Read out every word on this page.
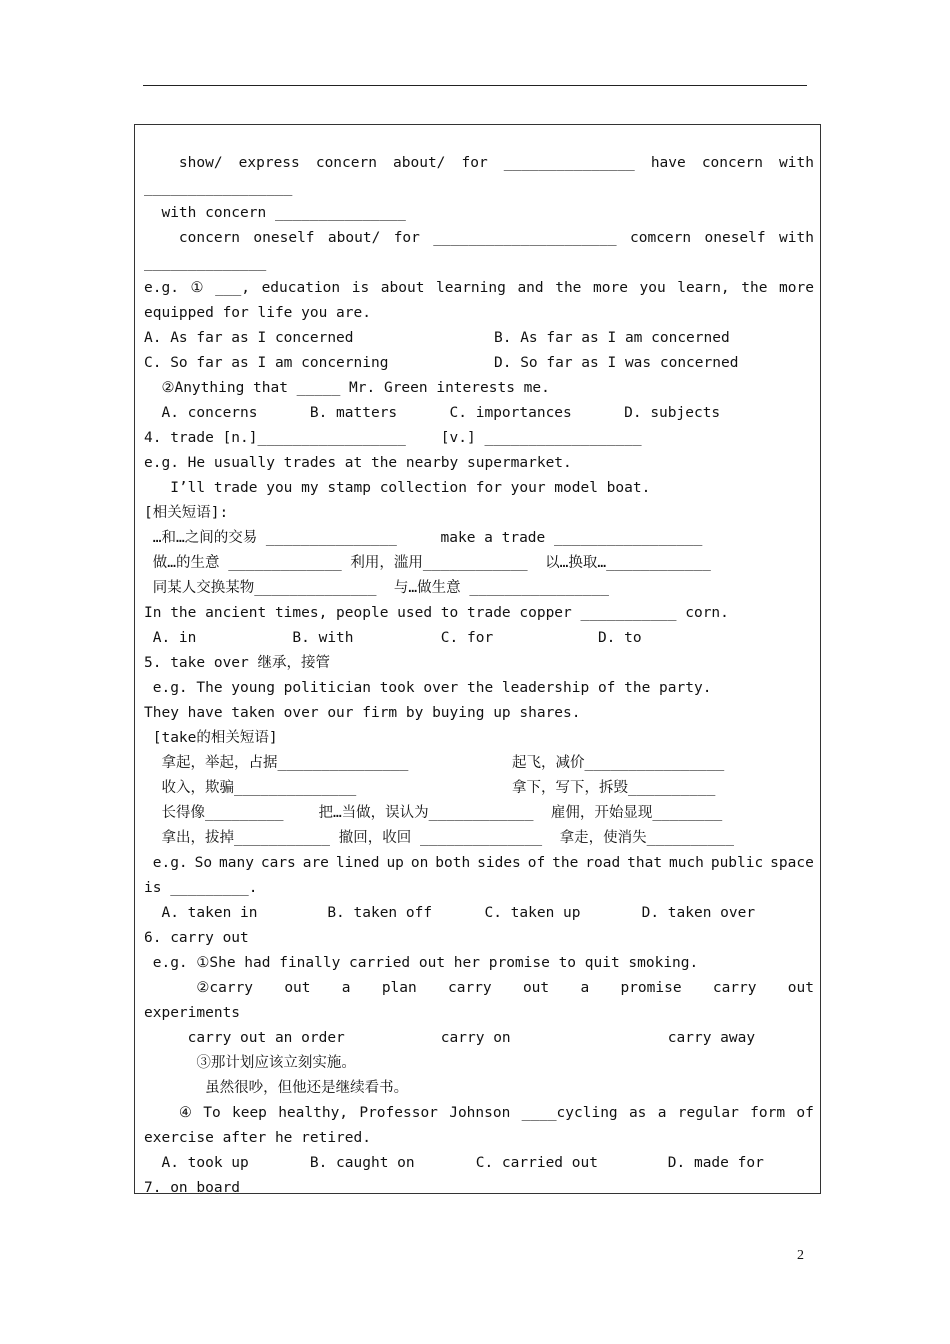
show/ express concern about/ for _______________ have concern with
_________________
with concern _______________
concern oneself about/ for _____________________ comcern oneself with
______________
e.g. ① ___, education is about learning and the more you learn, the more
equipped for life you are.
A. As far as I concerned	B. As far as I am concerned
C. So far as I am concerning	D. So far as I was concerned
②Anything that _____ Mr. Green interests me.
A. concerns      B. matters      C. importances      D. subjects
4. trade [n.]_________________    [v.] __________________
e.g. He usually trades at the nearby supermarket.
I’ll trade you my stamp collection for your model boat.
[相关短语]:
…和…之间的交易 _______________     make a trade _________________
做…的生意 _____________ 利用，滥用____________  以…换取…____________
同某人交换某物______________  与…做生意 ________________
In the ancient times, people used to trade copper ___________ corn.
A. in           B. with          C. for            D. to
5. take over 继承，接管
e.g. The young politician took over the leadership of the party.
They have taken over our firm by buying up shares.
[take的相关短语]
拿起，举起，占据_______________	起飞，减价________________
收入，欺骗______________	拿下，写下，拆毁__________
长得像_________    把…当做，误认为____________  雇佣，开始显现________
拿出，拔掉___________ 撤回，收回 ______________  拿走，使消失__________
e.g. So many cars are lined up on both sides of the road that much public space
is _________.
A. taken in        B. taken off      C. taken up       D. taken over
6. carry out
e.g. ①She had finally carried out her promise to quit smoking.
②carry out a plan carry out a promise carry out
experiments
carry out an order           carry on                  carry away
③那计划应该立刻实施。
虽然很吵，但他还是继续看书。
④ To keep healthy, Professor Johnson ____cycling as a regular form of
exercise after he retired.
A. took up       B. caught on       C. carried out        D. made for
7. on board
2
